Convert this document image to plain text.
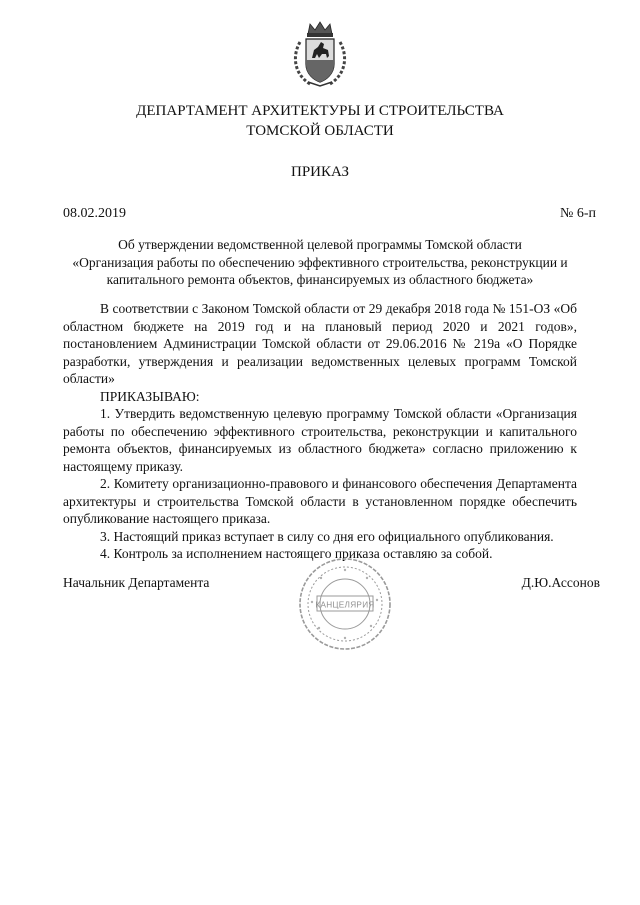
ДЕПАРТАМЕНТ АРХИТЕКТУРЫ И СТРОИТЕЛЬСТВА
ТОМСКОЙ ОБЛАСТИ
ПРИКАЗ
08.02.2019	№ 6-п
Об утверждении ведомственной целевой программы Томской области
«Организация работы по обеспечению эффективного строительства, реконструкции и
капитального ремонта объектов, финансируемых из областного бюджета»

В соответствии с Законом Томской области от 29 декабря 2018 года № 151-ОЗ «Об областном бюджете на 2019 год и на плановый период 2020 и 2021 годов», постановлением Администрации Томской области от 29.06.2016 № 219а «О Порядке разработки, утверждения и реализации ведомственных целевых программ Томской области»

ПРИКАЗЫВАЮ:

1. Утвердить ведомственную целевую программу Томской области «Организация работы по обеспечению эффективного строительства, реконструкции и капитального ремонта объектов, финансируемых из областного бюджета» согласно приложению к настоящему приказу.

2. Комитету организационно-правового и финансового обеспечения Департамента архитектуры и строительства Томской области в установленном порядке обеспечить опубликование настоящего приказа.

3. Настоящий приказ вступает в силу со дня его официального опубликования.

4. Контроль за исполнением настоящего приказа оставляю за собой.

Начальник Департамента
КАНЦЕЛЯРИЯ
Д.Ю.Ассонов
